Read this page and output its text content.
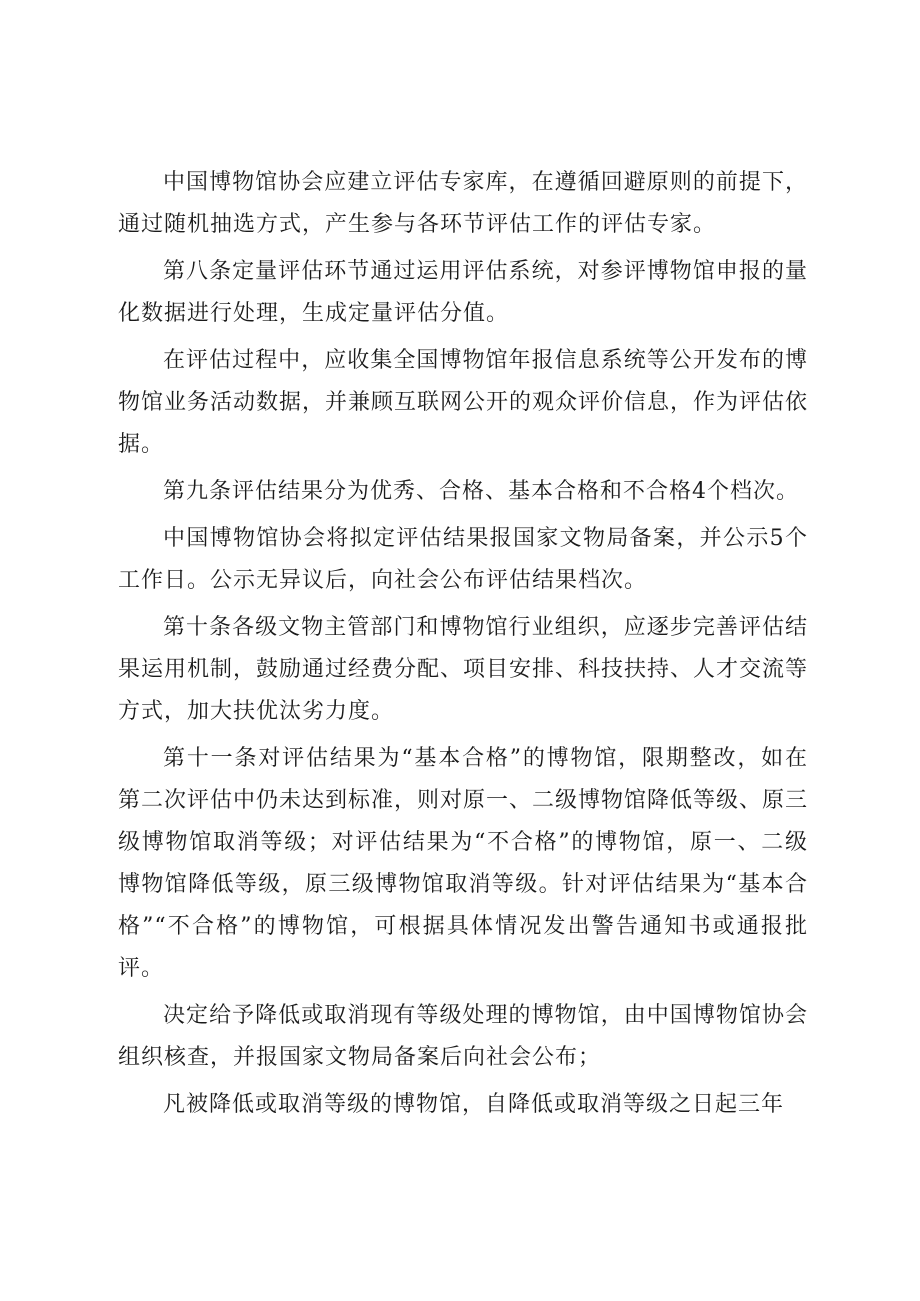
中国博物馆协会应建立评估专家库，在遵循回避原则的前提下，通过随机抽选方式，产生参与各环节评估工作的评估专家。

第八条定量评估环节通过运用评估系统，对参评博物馆申报的量化数据进行处理，生成定量评估分值。

在评估过程中，应收集全国博物馆年报信息系统等公开发布的博物馆业务活动数据，并兼顾互联网公开的观众评价信息，作为评估依据。

第九条评估结果分为优秀、合格、基本合格和不合格4个档次。

中国博物馆协会将拟定评估结果报国家文物局备案，并公示5个工作日。公示无异议后，向社会公布评估结果档次。

第十条各级文物主管部门和博物馆行业组织，应逐步完善评估结果运用机制，鼓励通过经费分配、项目安排、科技扶持、人才交流等方式，加大扶优汰劣力度。

第十一条对评估结果为“基本合格”的博物馆，限期整改，如在第二次评估中仍未达到标准，则对原一、二级博物馆降低等级、原三级博物馆取消等级；对评估结果为“不合格”的博物馆，原一、二级博物馆降低等级，原三级博物馆取消等级。针对评估结果为“基本合格”“不合格”的博物馆，可根据具体情况发出警告通知书或通报批评。

决定给予降低或取消现有等级处理的博物馆，由中国博物馆协会组织核查，并报国家文物局备案后向社会公布；

凡被降低或取消等级的博物馆，自降低或取消等级之日起三年
